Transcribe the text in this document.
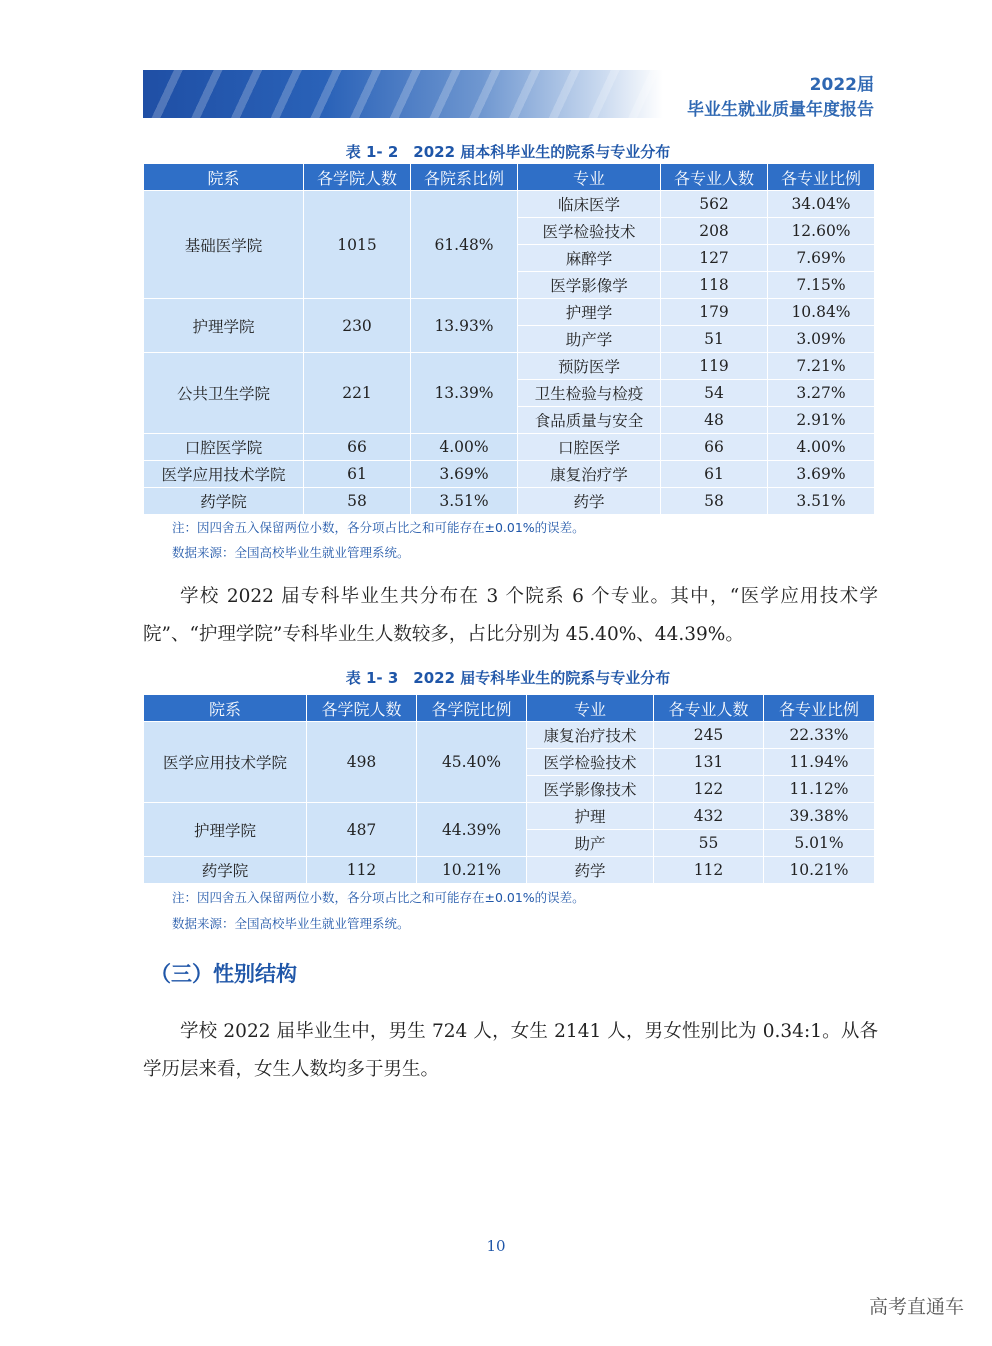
2022届
毕业生就业质量年度报告
表 1- 2　2022 届本科毕业生的院系与专业分布
院系	各学院人数	各院系比例	专业	各专业人数	各专业比例
基础医学院	1015	61.48%	临床医学	562	34.04%
			医学检验技术	208	12.60%
			麻醉学	127	7.69%
			医学影像学	118	7.15%
护理学院	230	13.93%	护理学	179	10.84%
			助产学	51	3.09%
公共卫生学院	221	13.39%	预防医学	119	7.21%
			卫生检验与检疫	54	3.27%
			食品质量与安全	48	2.91%
口腔医学院	66	4.00%	口腔医学	66	4.00%
医学应用技术学院	61	3.69%	康复治疗学	61	3.69%
药学院	58	3.51%	药学	58	3.51%
注：因四舍五入保留两位小数，各分项占比之和可能存在±0.01%的误差。
数据来源：全国高校毕业生就业管理系统。
学校 2022 届专科毕业生共分布在 3 个院系 6 个专业。其中，“医学应用技术学院”、“护理学院”专科毕业生人数较多，占比分别为 45.40%、44.39%。
表 1- 3　2022 届专科毕业生的院系与专业分布
院系	各学院人数	各学院比例	专业	各专业人数	各专业比例
医学应用技术学院	498	45.40%	康复治疗技术	245	22.33%
			医学检验技术	131	11.94%
			医学影像技术	122	11.12%
护理学院	487	44.39%	护理	432	39.38%
			助产	55	5.01%
药学院	112	10.21%	药学	112	10.21%
注：因四舍五入保留两位小数，各分项占比之和可能存在±0.01%的误差。
数据来源：全国高校毕业生就业管理系统。
（三）性别结构
学校 2022 届毕业生中，男生 724 人，女生 2141 人，男女性别比为 0.34:1。从各学历层来看，女生人数均多于男生。
10
高考直通车
